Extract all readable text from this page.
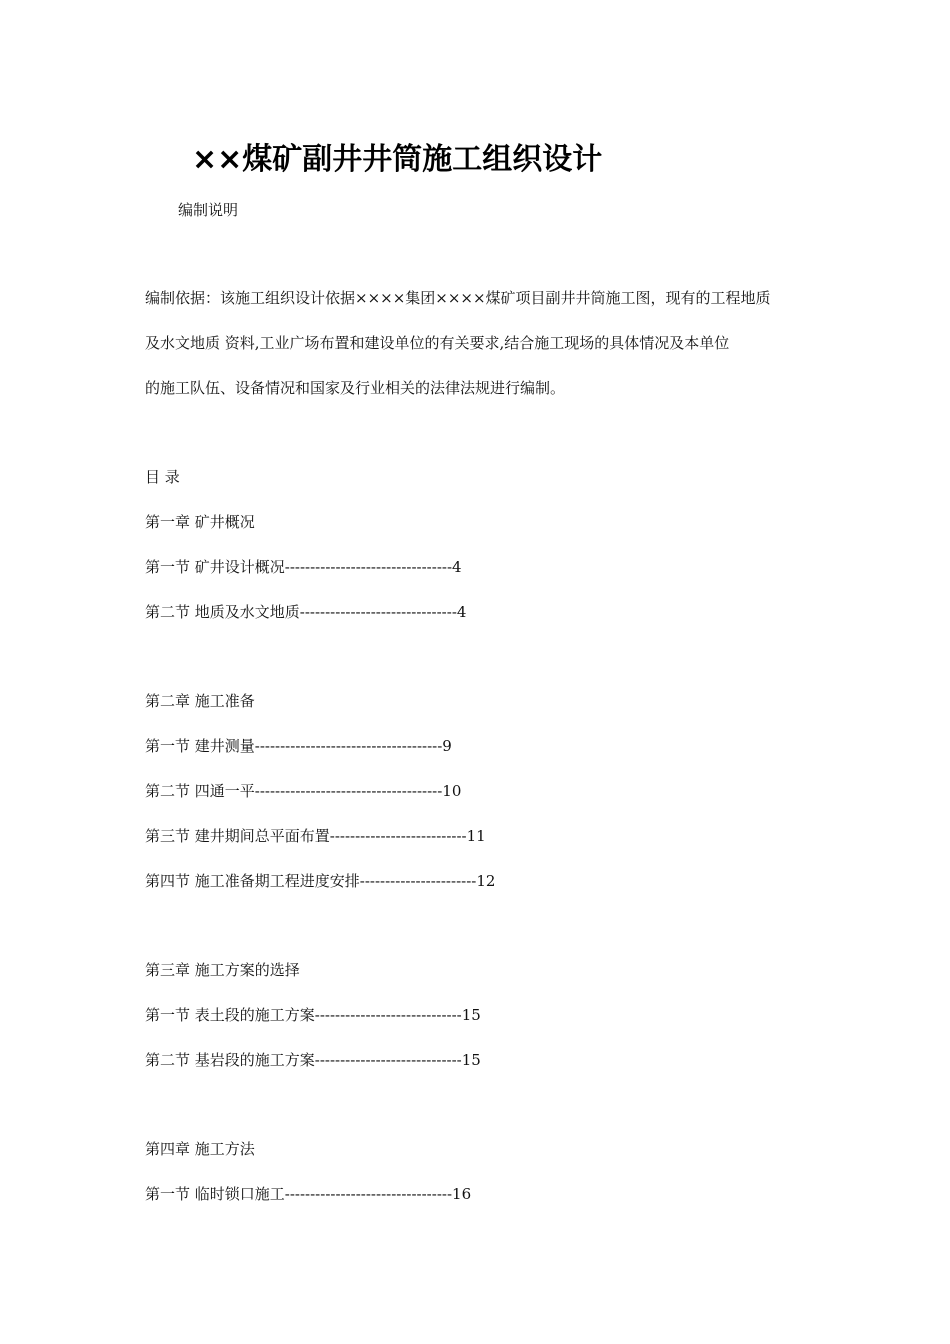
××煤矿副井井筒施工组织设计
编制说明
编制依据：该施工组织设计依据××××集团××××煤矿项目副井井筒施工图，现有的工程地质
及水文地质 资料,工业广场布置和建设单位的有关要求,结合施工现场的具体情况及本单位
的施工队伍、设备情况和国家及行业相关的法律法规进行编制。
目 录
第一章 矿井概况
第一节 矿井设计概况---------------------------------4
第二节 地质及水文地质-------------------------------4
第二章 施工准备
第一节 建井测量-------------------------------------9
第二节 四通一平-------------------------------------10
第三节 建井期间总平面布置---------------------------11
第四节 施工准备期工程进度安排-----------------------12
第三章 施工方案的选择
第一节 表土段的施工方案-----------------------------15
第二节 基岩段的施工方案-----------------------------15
第四章 施工方法
第一节 临时锁口施工---------------------------------16
